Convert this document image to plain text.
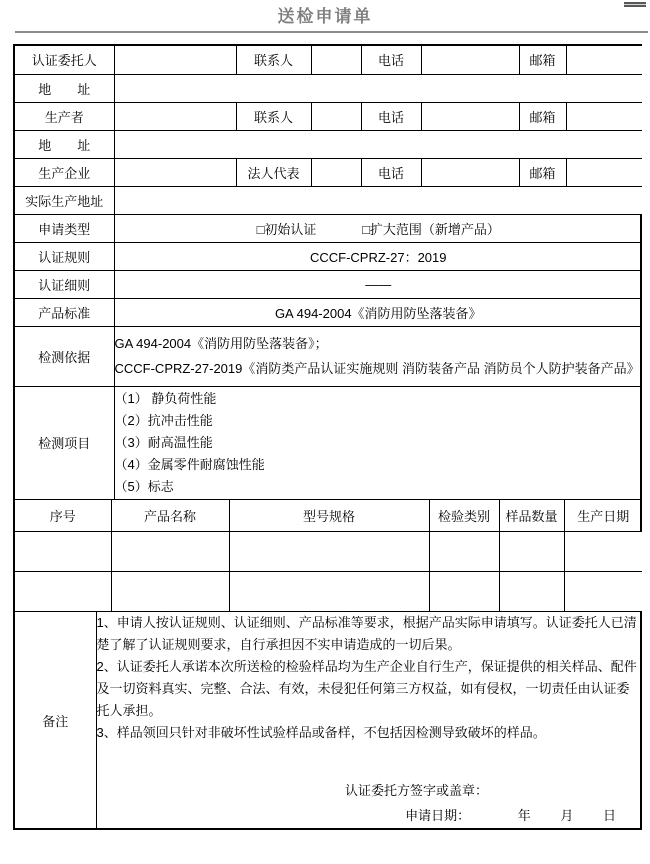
送检申请单
认证委托人		联系人		电话		邮箱	
地　　址							
生产者		联系人		电话		邮箱	
地　　址							
生产企业		法人代表		电话		邮箱	
实际生产地址							
申请类型	□初始认证 □扩大范围（新增产品）						
认证规则	CCCF-CPRZ-27：2019						
认证细则	——						
产品标准	GA 494-2004《消防用防坠落装备》						
检测依据	GA 494-2004《消防用防坠落装备》；
CCCF-CPRZ-27-2019《消防类产品认证实施规则 消防装备产品 消防员个人防护装备产品》						

检测项目	（1） 静负荷性能
（2）抗冲击性能
（3）耐高温性能
（4）金属零件耐腐蚀性能
（5）标志						
序号	产品名称	型号规格	检验类别	样品数量	生产日期

备注	

1、申请人按认证规则、认证细则、产品标准等要求，根据产品实际申请填写。认证委托人已清楚了解了认证规则要求，自行承担因不实申请造成的一切后果。

2、认证委托人承诺本次所送检的检验样品均为生产企业自行生产，保证提供的相关样品、配件及一切资料真实、完整、合法、有效，未侵犯任何第三方权益，如有侵权，一切责任由认证委托人承担。

3、样品领回只针对非破坏性试验样品或备样，不包括因检测导致破坏的样品。

认证委托方签字或盖章：
申请日期：	年 月 日
